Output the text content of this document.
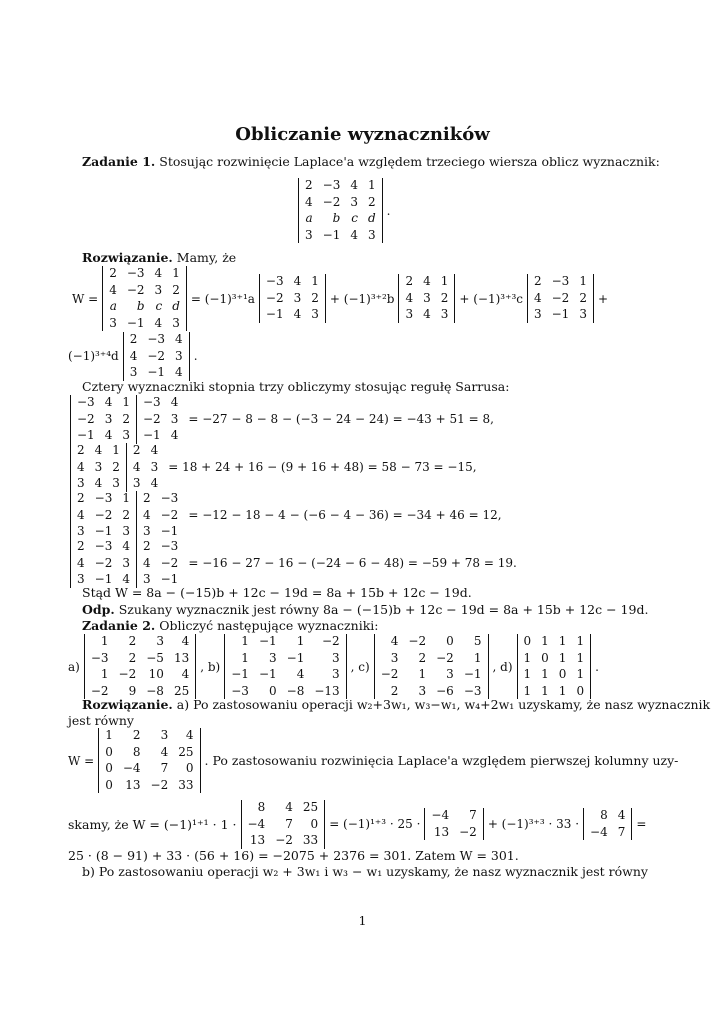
Obliczanie wyznaczników
Zadanie 1. Stosując rozwinięcie Laplace'a względem trzeciego wiersza oblicz wyznacznik:
2 −3 4 1
4 −2 3 2
a	b c d
3 −1 4 3
.
Rozwiązanie. Mamy, że
W =
2 −3 4 1
4 −2 3 2
a	b c d
3 −1 4 3
= (−1)³⁺¹a
−3 4 1
−2 3 2
−1 4 3
+ (−1)³⁺²b
2 4 1
4 3 2
3 4 3
+ (−1)³⁺³c
2 −3 1
4 −2 2
3 −1 3
+
(−1)³⁺⁴d
2 −3 4
4 −2 3
3 −1 4
.
Cztery wyznaczniki stopnia trzy obliczymy stosując regułę Sarrusa:
−3 4 1
−2 3 2
−1 4 3
−3 4
−2 3
−1 4
= −27 − 8 − 8 − (−3 − 24 − 24) = −43 + 51 = 8,
2 4 1
4 3 2
3 4 3
2 4
4 3
3 4
= 18 + 24 + 16 − (9 + 16 + 48) = 58 − 73 = −15,
2 −3 1
4 −2 2
3 −1 3
2 −3
4 −2
3 −1
= −12 − 18 − 4 − (−6 − 4 − 36) = −34 + 46 = 12,
2 −3 4
4 −2 3
3 −1 4
2 −3
4 −2
3 −1
= −16 − 27 − 16 − (−24 − 6 − 48) = −59 + 78 = 19.
Stąd W = 8a − (−15)b + 12c − 19d = 8a + 15b + 12c − 19d.
Odp. Szukany wyznacznik jest równy 8a − (−15)b + 12c − 19d = 8a + 15b + 12c − 19d.
Zadanie 2. Obliczyć następujące wyznaczniki:
a)
1	2	3	4
−3	2 −5 13
1 −2 10	4
−2	9 −8 25
, b)
1 −1	1	−2
1	3 −1	3
−1 −1	4	3
−3	0 −8 −13
, c)
4 −2	0	5
3	2 −2	1
−2	1	3 −1
2	3 −6 −3
, d)
0 1 1 1
1 0 1 1
1 1 0 1
1 1 1 0
.
Rozwiązanie. a) Po zastosowaniu operacji w₂+3w₁, w₃−w₁, w₄+2w₁ uzyskamy, że nasz wyznacznik
jest równy
W =
1	2	3	4
0	8	4 25
0 −4	7	0
0 13 −2 33
. Po zastosowaniu rozwinięcia Laplace'a względem pierwszej kolumny uzy-
skamy, że W = (−1)¹⁺¹ · 1 ·
8	4 25
−4	7	0
13 −2 33
= (−1)¹⁺³ · 25 ·
−4	7
13 −2
+ (−1)³⁺³ · 33 ·
8 4
−4 7
=
25 · (8 − 91) + 33 · (56 + 16) = −2075 + 2376 = 301. Zatem W = 301.
b) Po zastosowaniu operacji w₂ + 3w₁ i w₃ − w₁ uzyskamy, że nasz wyznacznik jest równy
1
